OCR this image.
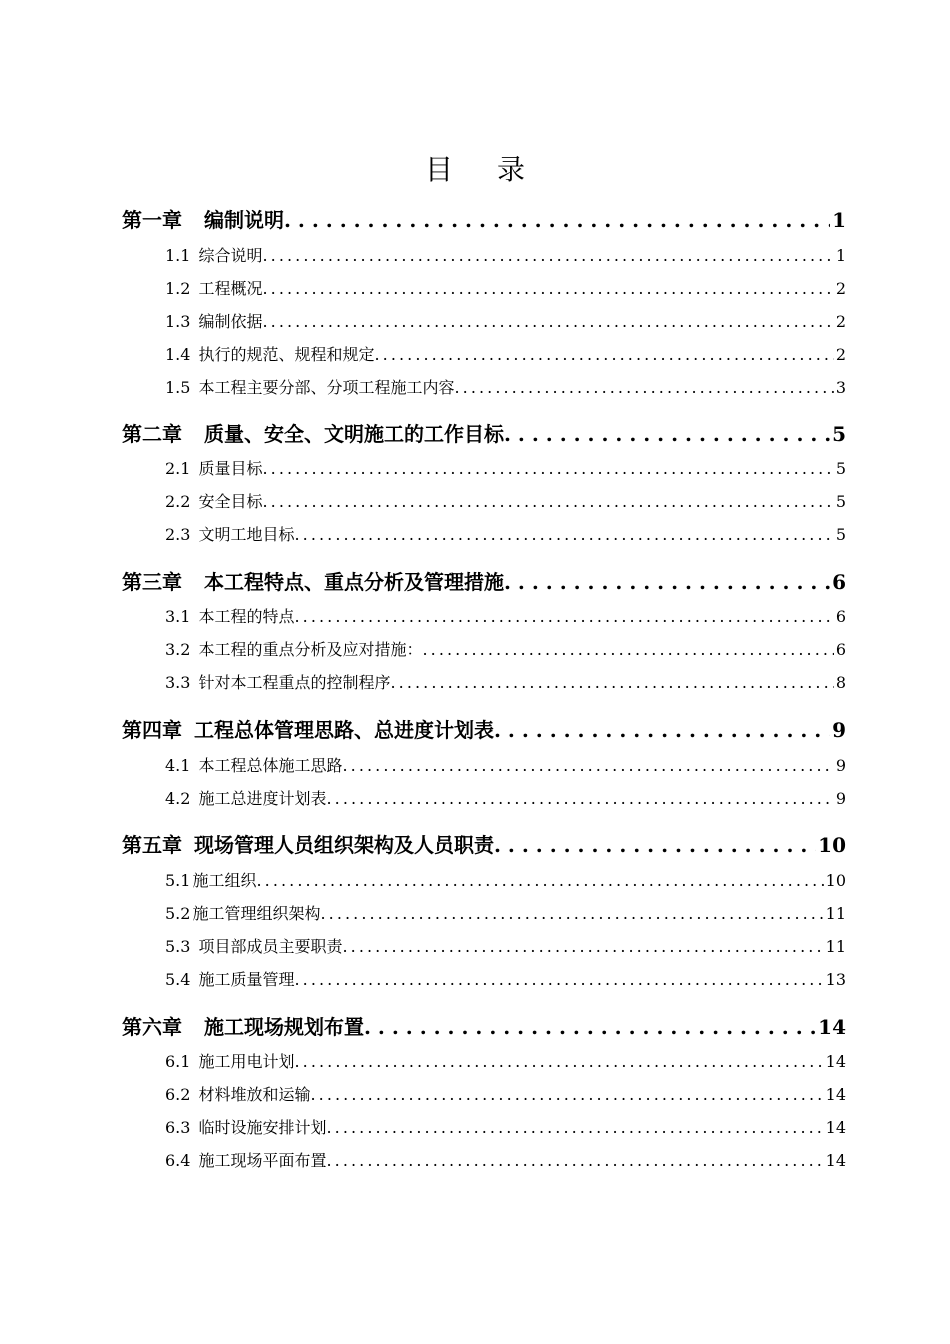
目录
第一章 编制说明 . . .	1
1.1 综合说明 . . .	1
1.2 工程概况 . . .	2
1.3 编制依据 . . .	2
1.4 执行的规范、规程和规定 . . .	2
1.5 本工程主要分部、分项工程施工内容 . . .	3
第二章 质量、安全、文明施工的工作目标 . . .	5
2.1 质量目标 . . .	5
2.2 安全目标 . . .	5
2.3 文明工地目标 . . .	5
第三章 本工程特点、重点分析及管理措施 . . .	6
3.1 本工程的特点 . . .	6
3.2 本工程的重点分析及应对措施： . . .	6
3.3 针对本工程重点的控制程序 . . .	8
第四章 工程总体管理思路、总进度计划表 . . .	9
4.1 本工程总体施工思路 . . .	9
4.2 施工总进度计划表 . . .	9
第五章 现场管理人员组织架构及人员职责 . . .	10
5.1 施工组织 . . .	10
5.2 施工管理组织架构 . . .	11
5.3 项目部成员主要职责 . . .	11
5.4 施工质量管理 . . .	13
第六章 施工现场规划布置 . . .	14
6.1 施工用电计划 . . .	14
6.2 材料堆放和运输 . . .	14
6.3 临时设施安排计划 . . .	14
6.4 施工现场平面布置 . . .	14
